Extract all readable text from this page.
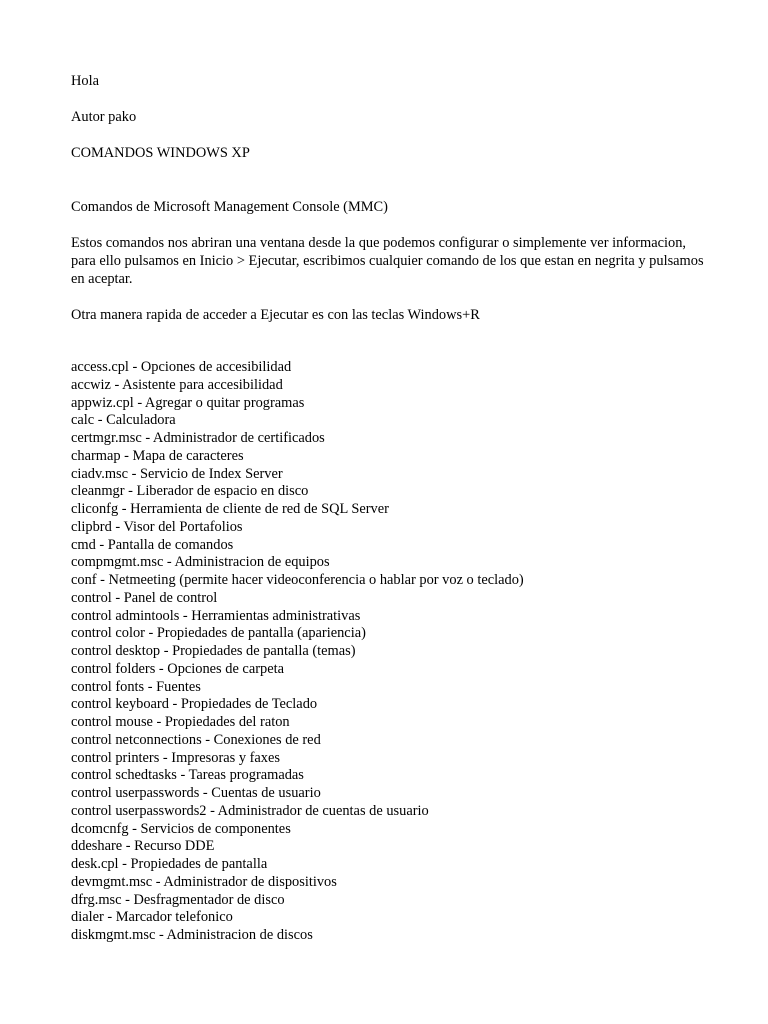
Hola

Autor pako

COMANDOS WINDOWS XP

Comandos de Microsoft Management Console (MMC)

Estos comandos nos abriran una ventana desde la que podemos configurar o simplemente ver informacion, para ello pulsamos en Inicio > Ejecutar, escribimos cualquier comando de los que estan en negrita y pulsamos en aceptar.

Otra manera rapida de acceder a Ejecutar es con las teclas Windows+R

access.cpl - Opciones de accesibilidad
accwiz - Asistente para accesibilidad
appwiz.cpl - Agregar o quitar programas
calc - Calculadora
certmgr.msc - Administrador de certificados
charmap - Mapa de caracteres
ciadv.msc - Servicio de Index Server
cleanmgr - Liberador de espacio en disco
cliconfg - Herramienta de cliente de red de SQL Server
clipbrd - Visor del Portafolios
cmd - Pantalla de comandos
compmgmt.msc - Administracion de equipos
conf - Netmeeting (permite hacer videoconferencia o hablar por voz o teclado)
control - Panel de control
control admintools - Herramientas administrativas
control color - Propiedades de pantalla (apariencia)
control desktop - Propiedades de pantalla (temas)
control folders - Opciones de carpeta
control fonts - Fuentes
control keyboard - Propiedades de Teclado
control mouse - Propiedades del raton
control netconnections - Conexiones de red
control printers - Impresoras y faxes
control schedtasks - Tareas programadas
control userpasswords - Cuentas de usuario
control userpasswords2 - Administrador de cuentas de usuario
dcomcnfg - Servicios de componentes
ddeshare - Recurso DDE
desk.cpl - Propiedades de pantalla
devmgmt.msc - Administrador de dispositivos
dfrg.msc - Desfragmentador de disco
dialer - Marcador telefonico
diskmgmt.msc - Administracion de discos
